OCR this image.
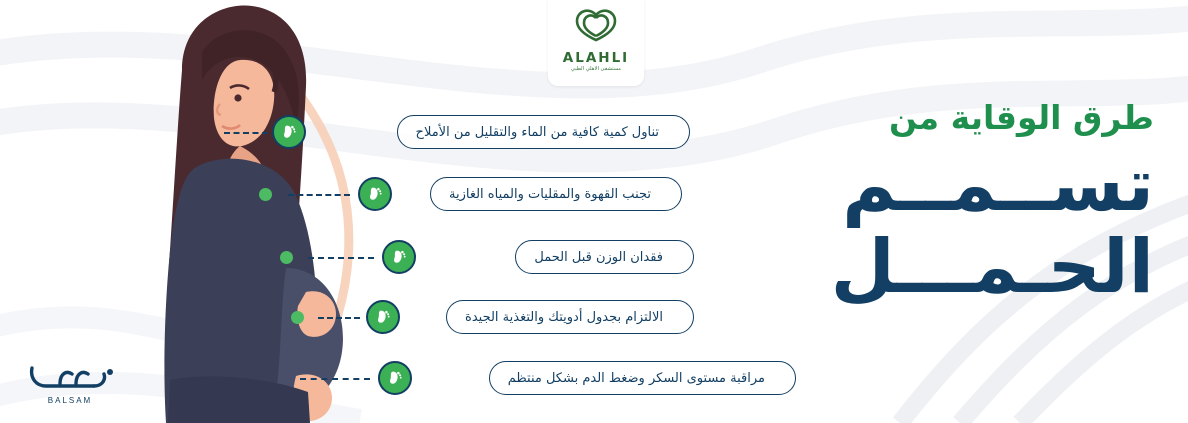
ALAHLI
مستشفى الاهلي الطبي
طرق الوقاية من
تســمــم
الحـمـــل
تناول كمية كافية من الماء والتقليل من الأملاح
تجنب القهوة والمقليات والمياه الغازية
فقدان الوزن قبل الحمل
الالتزام بجدول أدويتك والتغذية الجيدة
مراقبة مستوى السكر وضغط الدم بشكل منتظم
BALSAM
